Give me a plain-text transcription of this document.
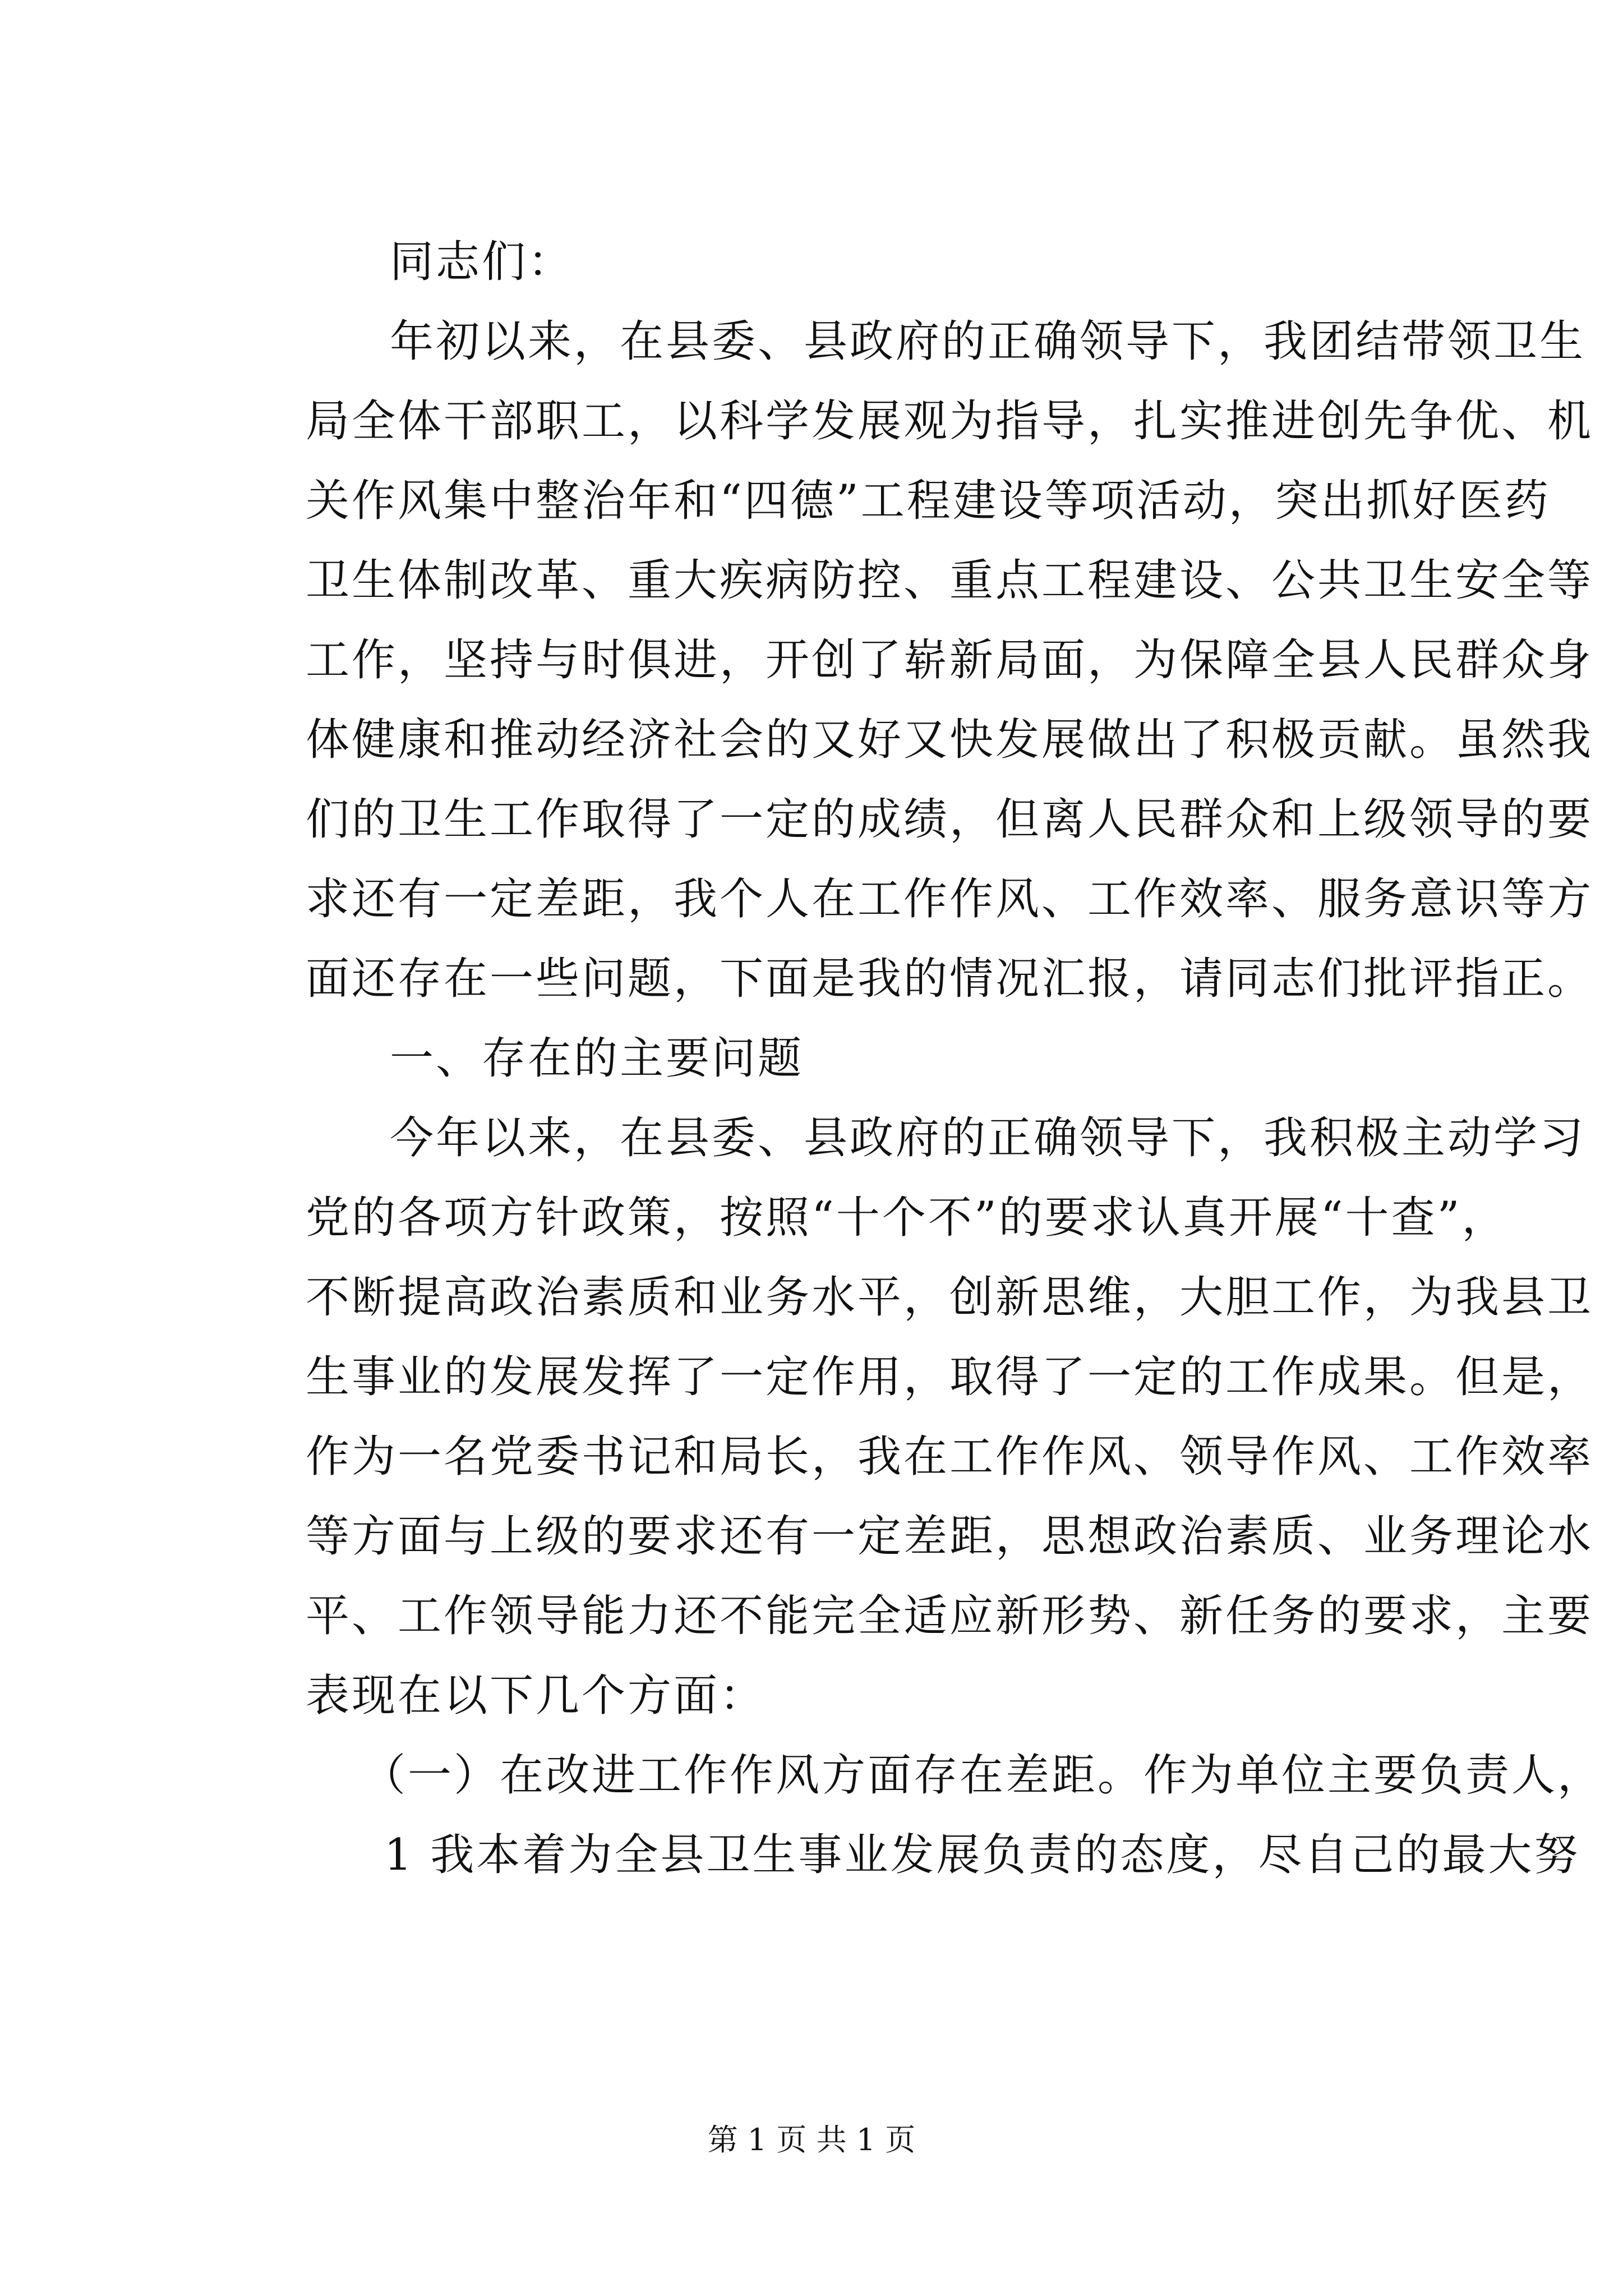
同志们：
年初以来，在县委、县政府的正确领导下，我团结带领卫生
局全体干部职工，以科学发展观为指导，扎实推进创先争优、机
关作风集中整治年和“四德”工程建设等项活动，突出抓好医药
卫生体制改革、重大疾病防控、重点工程建设、公共卫生安全等
工作，坚持与时俱进，开创了崭新局面，为保障全县人民群众身
体健康和推动经济社会的又好又快发展做出了积极贡献。虽然我
们的卫生工作取得了一定的成绩，但离人民群众和上级领导的要
求还有一定差距，我个人在工作作风、工作效率、服务意识等方
面还存在一些问题，下面是我的情况汇报，请同志们批评指正。
一、存在的主要问题
今年以来，在县委、县政府的正确领导下，我积极主动学习
党的各项方针政策，按照“十个不”的要求认真开展“十查”，
不断提高政治素质和业务水平，创新思维，大胆工作，为我县卫
生事业的发展发挥了一定作用，取得了一定的工作成果。但是，
作为一名党委书记和局长，我在工作作风、领导作风、工作效率
等方面与上级的要求还有一定差距，思想政治素质、业务理论水
平、工作领导能力还不能完全适应新形势、新任务的要求，主要
表现在以下几个方面：
（一）在改进工作作风方面存在差距。作为单位主要负责人，
1 我本着为全县卫生事业发展负责的态度，尽自己的最大努
第 1 页 共 1 页
